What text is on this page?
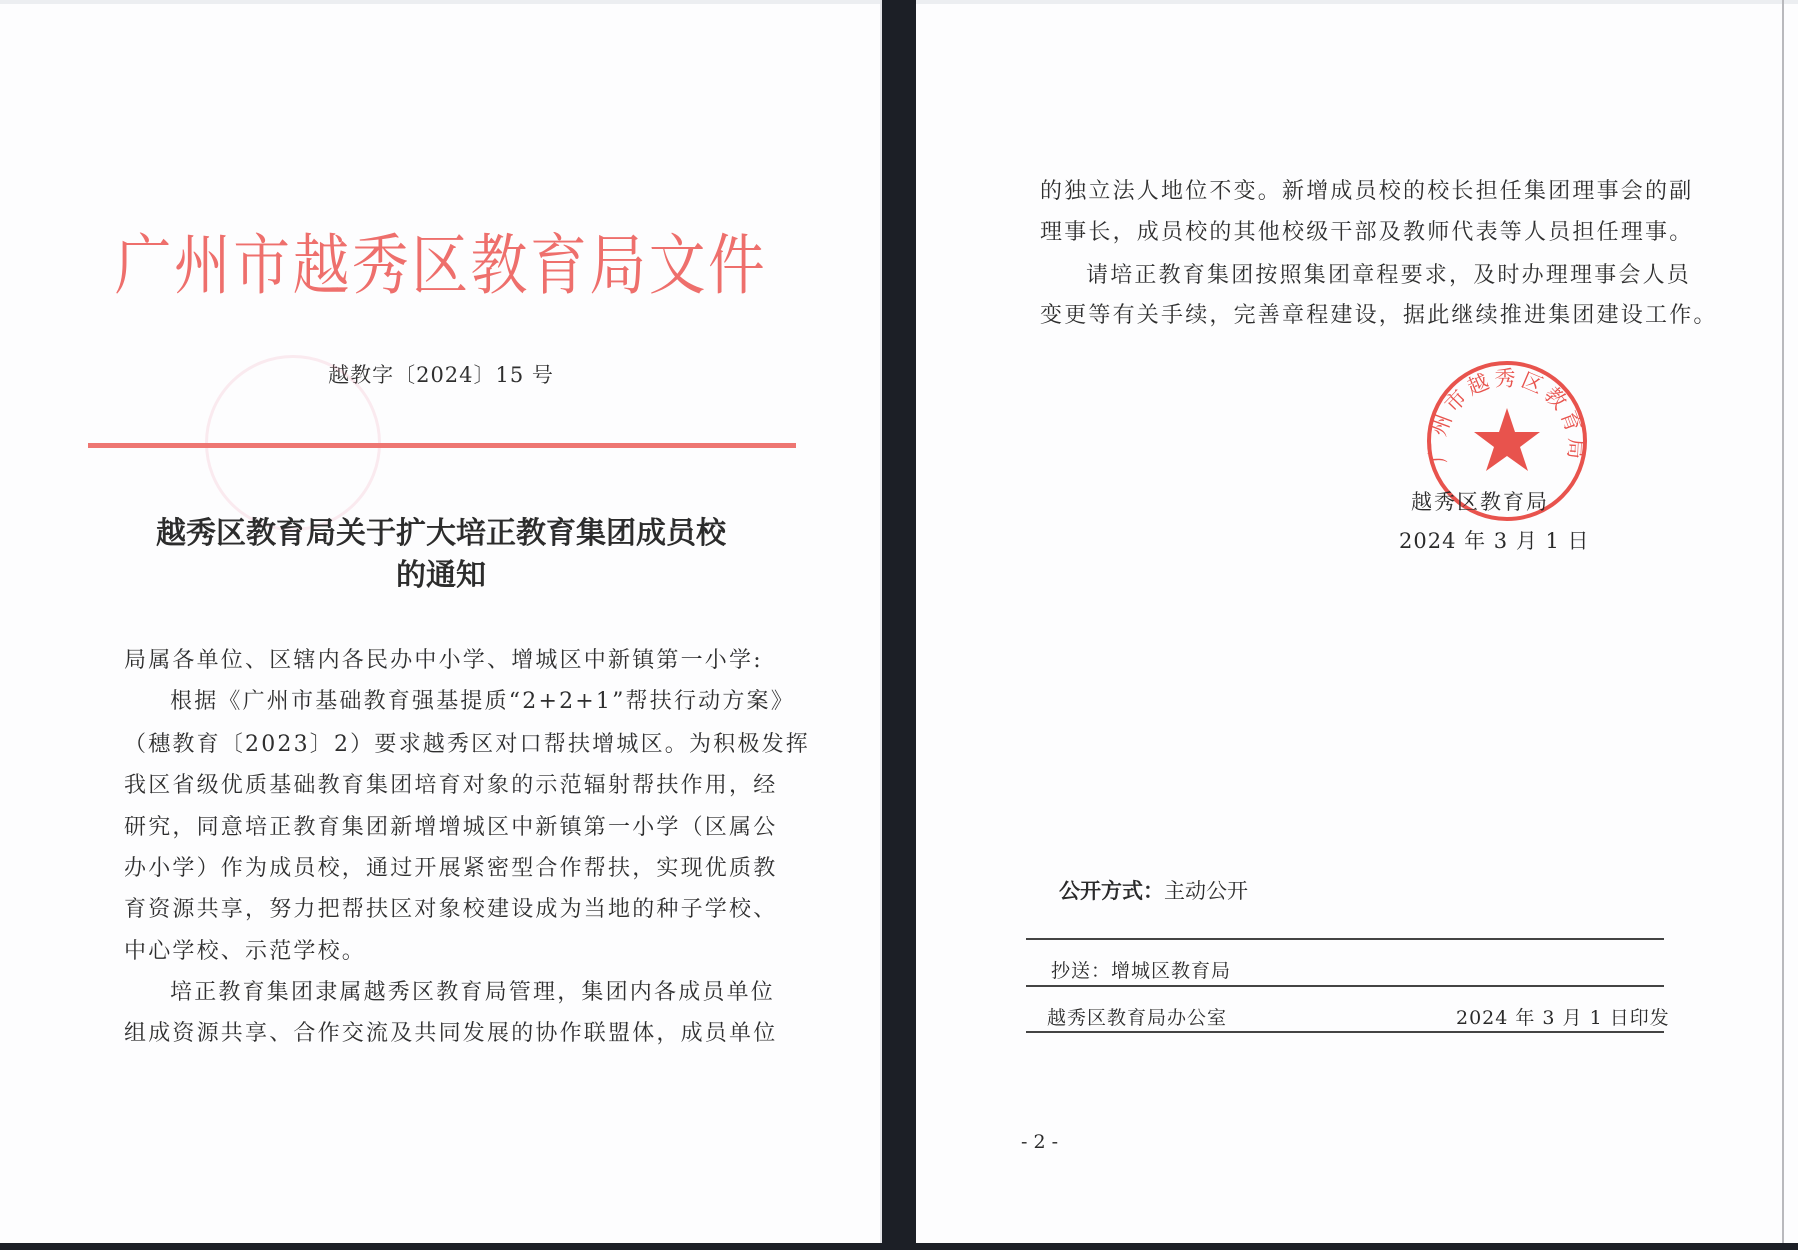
广州市越秀区教育局文件
越教字〔2024〕15 号
越秀区教育局关于扩大培正教育集团成员校
的通知
局属各单位、区辖内各民办中小学、增城区中新镇第一小学:
根据《广州市基础教育强基提质“2+2+1”帮扶行动方案》
（穗教育〔2023〕2）要求越秀区对口帮扶增城区。为积极发挥
我区省级优质基础教育集团培育对象的示范辐射帮扶作用，经
研究，同意培正教育集团新增增城区中新镇第一小学（区属公
办小学）作为成员校，通过开展紧密型合作帮扶，实现优质教
育资源共享，努力把帮扶区对象校建设成为当地的种子学校、
中心学校、示范学校。
培正教育集团隶属越秀区教育局管理，集团内各成员单位
组成资源共享、合作交流及共同发展的协作联盟体，成员单位
的独立法人地位不变。新增成员校的校长担任集团理事会的副
理事长，成员校的其他校级干部及教师代表等人员担任理事。
请培正教育集团按照集团章程要求，及时办理理事会人员
变更等有关手续，完善章程建设，据此继续推进集团建设工作。
广州市越秀区教育局
越秀区教育局
2024 年 3 月 1 日
公开方式：主动公开
抄送：增城区教育局
越秀区教育局办公室	2024 年 3 月 1 日印发
- 2 -
